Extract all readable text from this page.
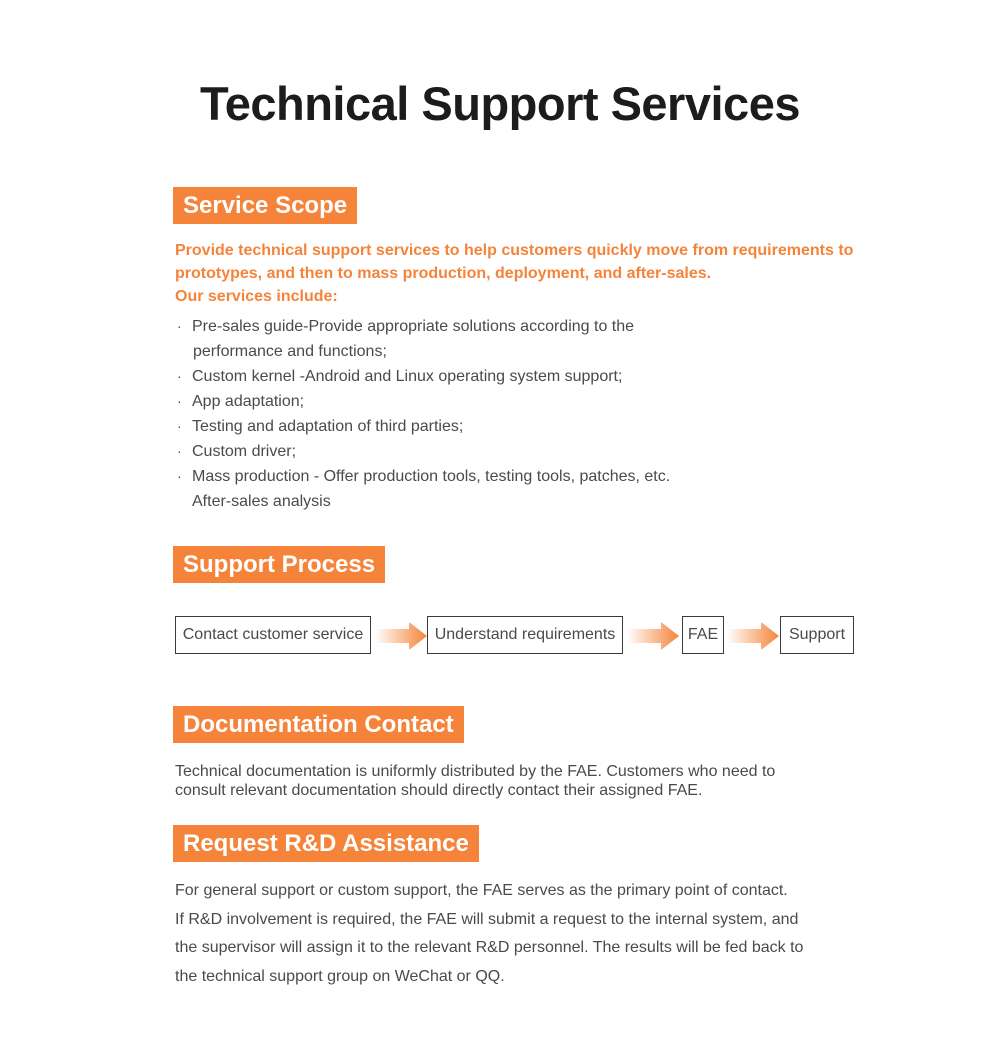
Technical Support Services
Service Scope
Provide technical support services to help customers quickly move from requirements to
prototypes, and then to mass production, deployment, and after-sales.
Our services include:
· Pre-sales guide-Provide appropriate solutions according to the
performance and functions;
· Custom kernel -Android and Linux operating system support;
· App adaptation;
· Testing and adaptation of third parties;
· Custom driver;
· Mass production - Offer production tools, testing tools, patches, etc.
After-sales analysis
Support Process
Contact customer service	Understand requirements	FAE	Support
Documentation Contact
Technical documentation is uniformly distributed by the FAE. Customers who need to
consult relevant documentation should directly contact their assigned FAE.
Request R&D Assistance
For general support or custom support, the FAE serves as the primary point of contact.
If R&D involvement is required, the FAE will submit a request to the internal system, and
the supervisor will assign it to the relevant R&D personnel. The results will be fed back to
the technical support group on WeChat or QQ.
